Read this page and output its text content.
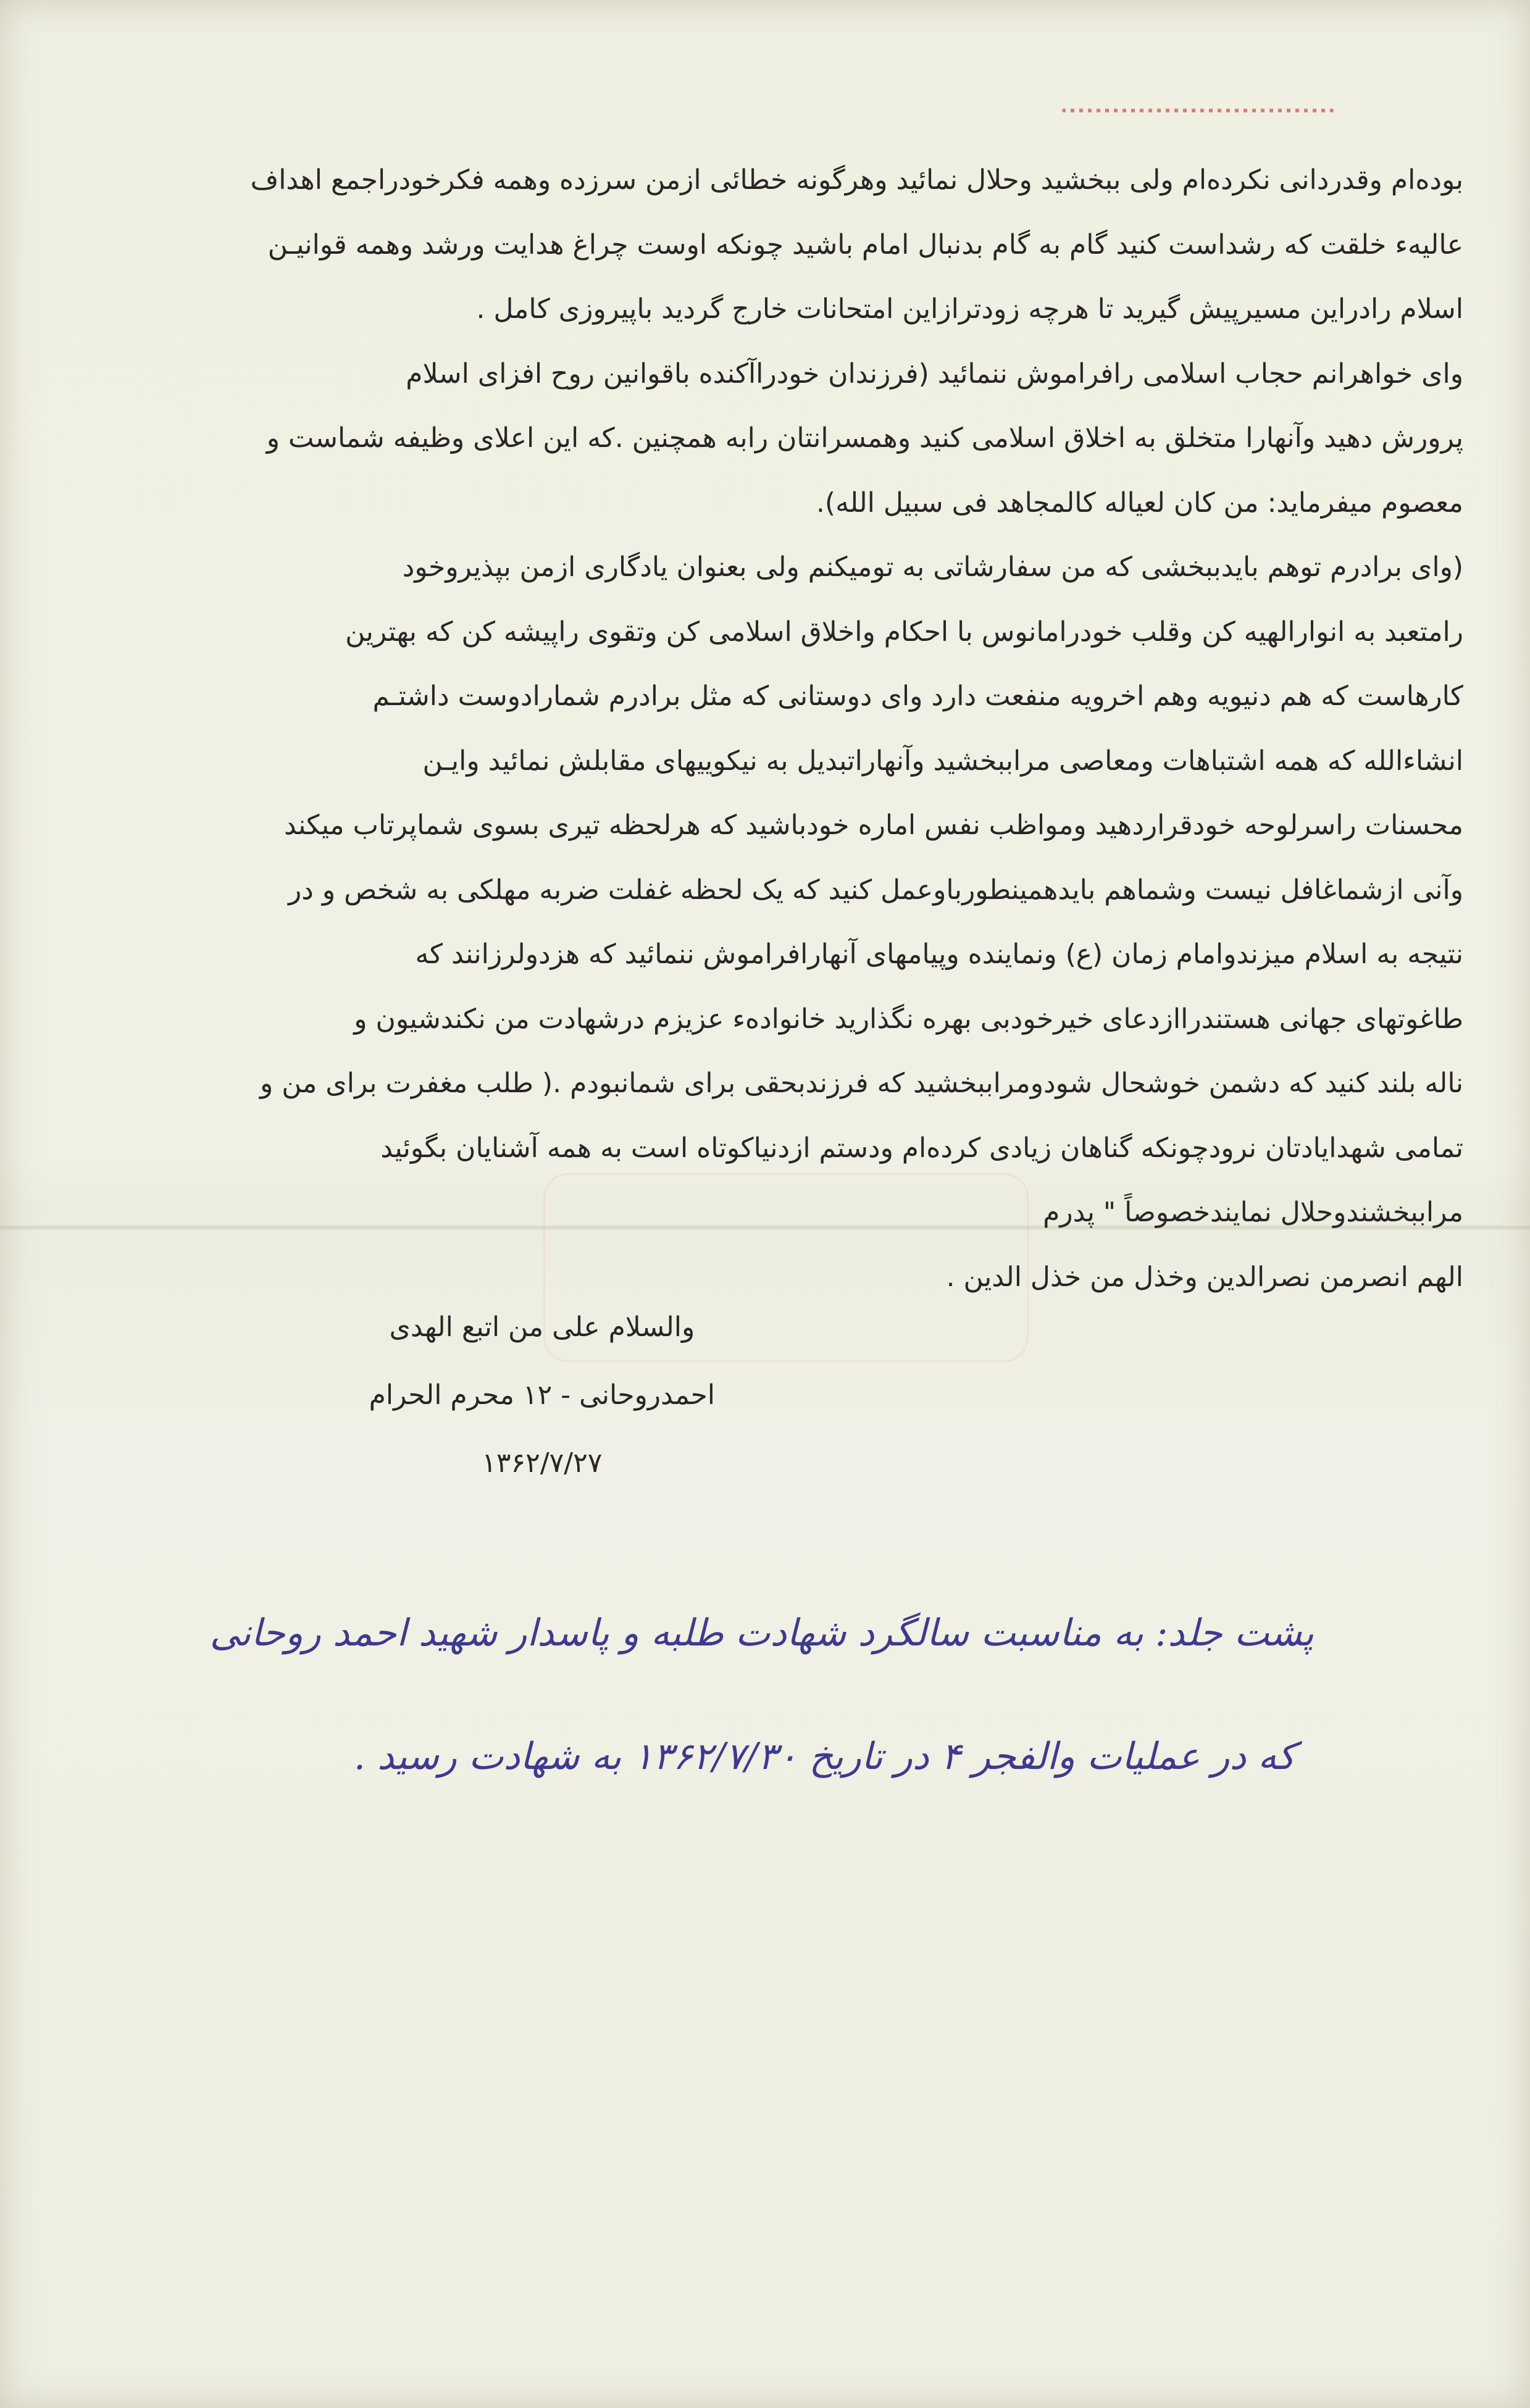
بوده‌ام وقدردانی نکرده‌ام ولی ببخشید وحلال نمائید وهرگونه خطائی ازمن سرزده وهمه فکرخودراجمع اهداف
عالیه‌ء خلقت که رشداست کنید گام به گام بدنبال امام باشید چونکه اوست چراغ هدایت ورشد وهمه قوانیـن
اسلام رادراین مسیرپیش گیرید تا هرچه زودترازاین امتحانات خارج گردید باپیروزی کامل .
وای خواهرانم حجاب اسلامی رافراموش ننمائید (فرزندان خودراآکنده باقوانین روح افزای اسلام
پرورش دهید وآنهارا متخلق به اخلاق اسلامی کنید وهمسرانتان رابه همچنین .که این اعلای وظیفه شماست و
معصوم میفرماید: من کان لعیاله کالمجاهد فی سبیل الله).
(وای برادرم توهم بایدببخشی که من سفارشاتی به تومیکنم ولی بعنوان یادگاری ازمن بپذیروخود
رامتعبد به انوارالهیه کن وقلب خودرامانوس با احکام واخلاق اسلامی کن وتقوی راپیشه کن که بهترین
کارهاست که هم دنیویه وهم اخرویه منفعت دارد وای دوستانی که مثل برادرم شمارادوست داشتـم
انشاءالله که همه اشتباهات ومعاصی مراببخشید وآنهاراتبدیل به نیکوییهای مقابلش نمائید وایـن
محسنات راسرلوحه خودقراردهید ومواظب نفس اماره خودباشید که هرلحظه تیری بسوی شماپرتاب میکند
وآنی ازشماغافل نیست وشماهم بایدهمینطورباوعمل کنید که یک لحظه غفلت ضربه مهلکی به شخص و در
نتیجه به اسلام میزندوامام زمان (ع) ونماینده وپیامهای آنهارافراموش ننمائید که هزدولرزانند که
طاغوتهای جهانی هستندراازدعای خیرخودبی بهره نگذارید خانواده‌ء عزیزم درشهادت من نکندشیون و
ناله بلند کنید که دشمن خوشحال شودومراببخشید که فرزندبحقی برای شمانبودم .( طلب مغفرت برای من و
تمامی شهدایادتان نرودچونکه گناهان زیادی کرده‌ام ودستم ازدنیاکوتاه است به همه آشنایان بگوئید
مراببخشندوحلال نمایندخصوصاً " پدرم
الهم انصرمن نصرالدین وخذل من خذل الدین .
والسلام علی من اتبع الهدی
احمدروحانی - ۱۲ محرم الحرام
۱۳۶۲/۷/۲۷
پشت جلد: به مناسبت سالگرد شهادت طلبه و پاسدار شهید احمد روحانی
که در عملیات والفجر ۴ در تاریخ ۱۳۶۲/۷/۳۰ به شهادت رسید .
